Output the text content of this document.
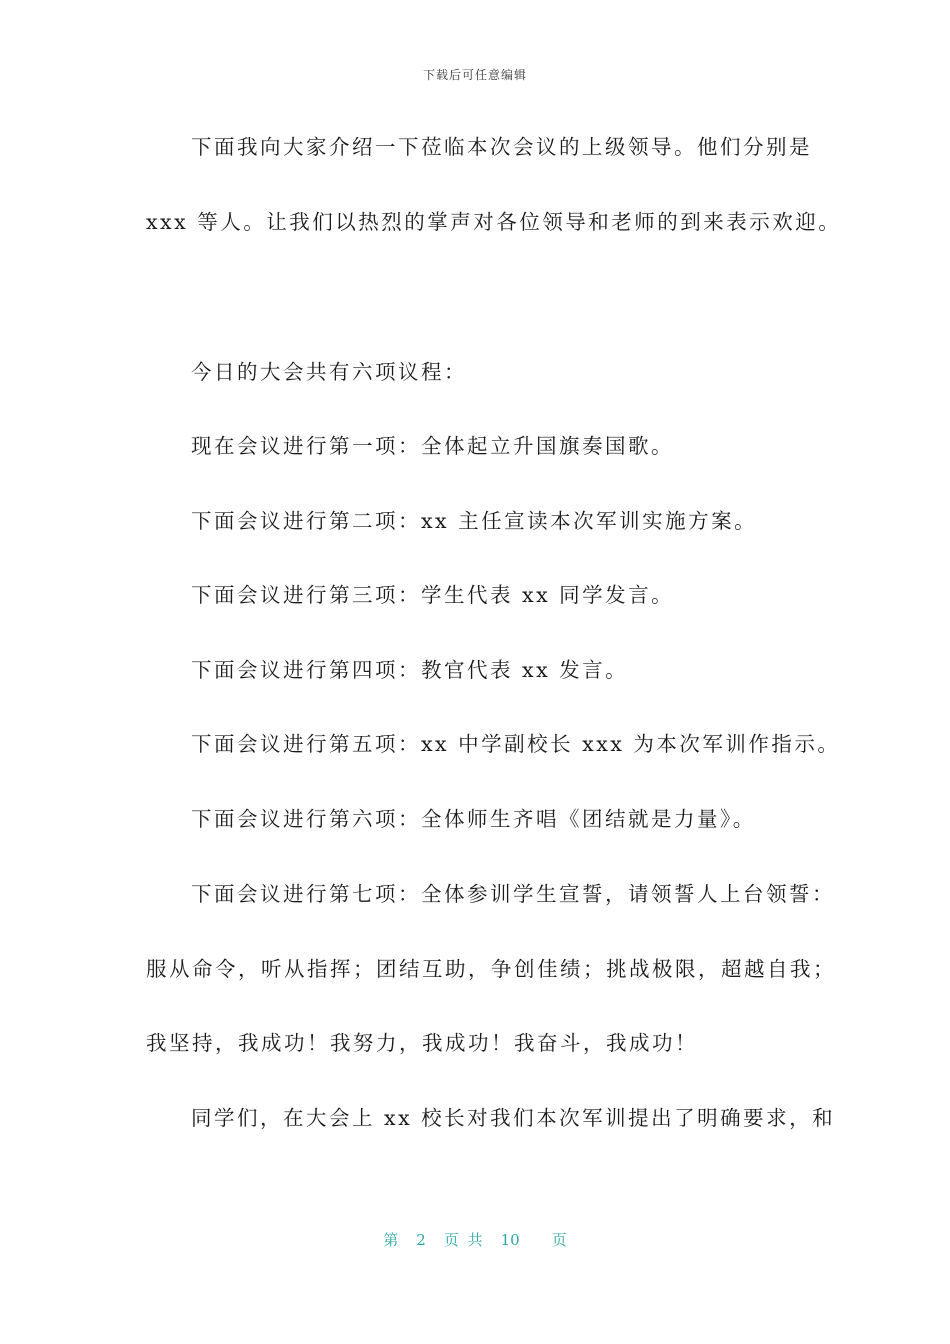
下载后可任意编辑
下面我向大家介绍一下莅临本次会议的上级领导。他们分别是
xxx 等人。让我们以热烈的掌声对各位领导和老师的到来表示欢迎。
今日的大会共有六项议程：
现在会议进行第一项：全体起立升国旗奏国歌。
下面会议进行第二项：xx 主任宣读本次军训实施方案。
下面会议进行第三项：学生代表 xx 同学发言。
下面会议进行第四项：教官代表 xx 发言。
下面会议进行第五项：xx 中学副校长 xxx 为本次军训作指示。
下面会议进行第六项：全体师生齐唱《团结就是力量》。
下面会议进行第七项：全体参训学生宣誓，请领誓人上台领誓：
服从命令，听从指挥；团结互助，争创佳绩；挑战极限，超越自我；
我坚持，我成功！我努力，我成功！我奋斗，我成功！
同学们，在大会上 xx 校长对我们本次军训提出了明确要求，和
第 2 页 共 10 页
